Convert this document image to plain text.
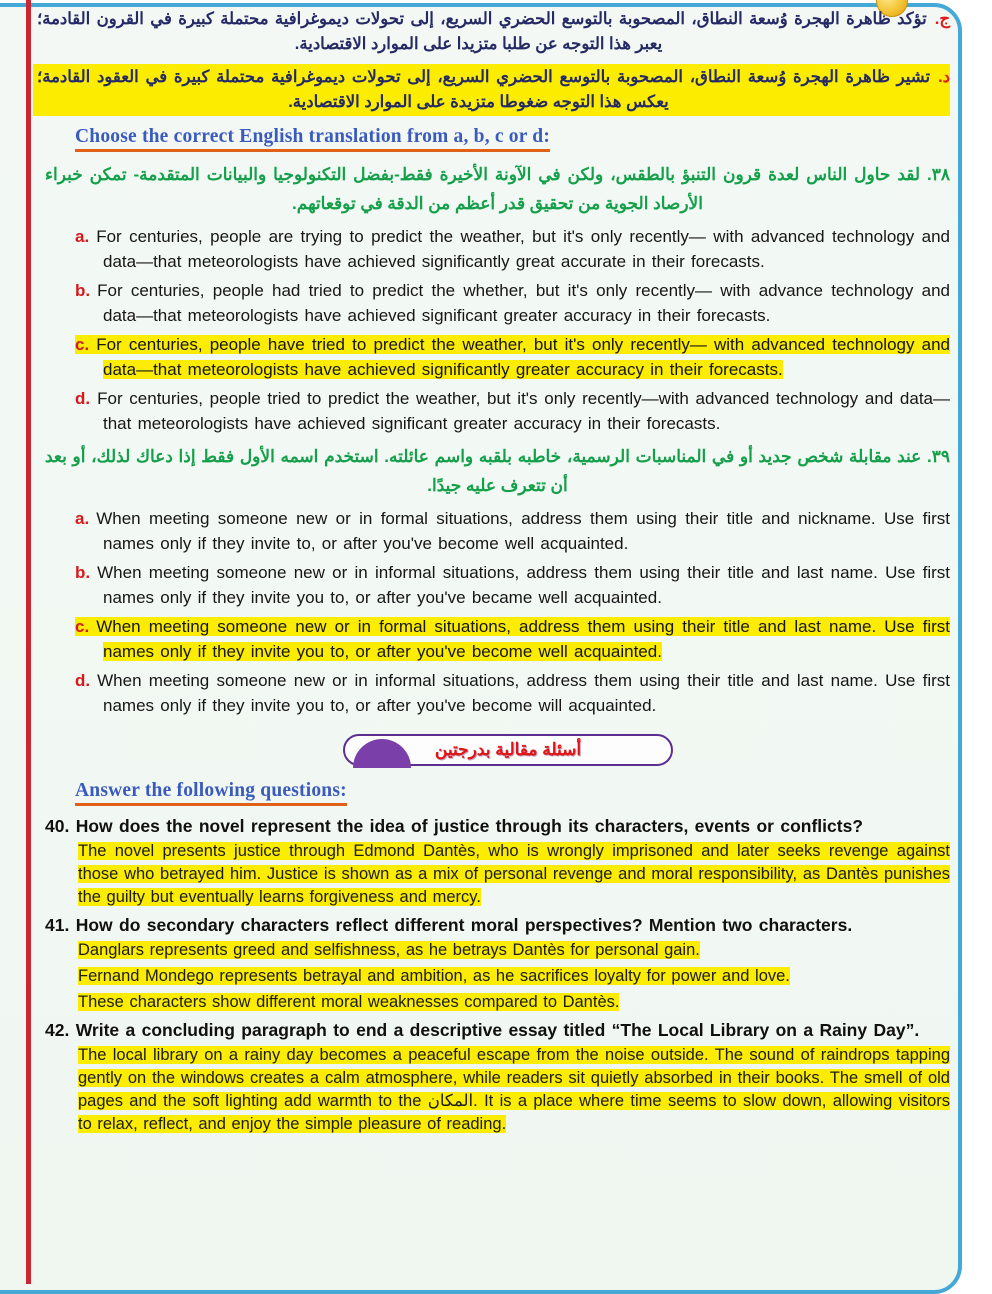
ج.تؤكد ظاهرة الهجرة وُسعة النطاق، المصحوبة بالتوسع الحضري السريع، إلى تحولات ديموغرافية محتملة كبيرة في القرون القادمة؛ يعبر هذا التوجه عن طلبا متزيدا على الموارد الاقتصادية.

د.تشير ظاهرة الهجرة وُسعة النطاق، المصحوبة بالتوسع الحضري السريع، إلى تحولات ديموغرافية محتملة كبيرة في العقود القادمة؛ يعكس هذا التوجه ضغوطا متزيدة على الموارد الاقتصادية.

Choose the correct English translation from a, b, c or d:

٣٨. لقد حاول الناس لعدة قرون التنبؤ بالطقس، ولكن في الآونة الأخيرة فقط-بفضل التكنولوجيا والبيانات المتقدمة- تمكن خبراء الأرصاد الجوية من تحقيق قدر أعظم من الدقة في توقعاتهم.

a. For centuries, people are trying to predict the weather, but it's only recently— with advanced technology and data—that meteorologists have achieved significantly great accurate in their forecasts.

b. For centuries, people had tried to predict the whether, but it's only recently— with advance technology and data—that meteorologists have achieved significant greater accuracy in their forecasts.

c. For centuries, people have tried to predict the weather, but it's only recently— with advanced technology and data—that meteorologists have achieved significantly greater accuracy in their forecasts.

d. For centuries, people tried to predict the weather, but it's only recently—with advanced technology and data—that meteorologists have achieved significant greater accuracy in their forecasts.

٣٩. عند مقابلة شخص جديد أو في المناسبات الرسمية، خاطبه بلقبه واسم عائلته. استخدم اسمه الأول فقط إذا دعاك لذلك، أو بعد أن تتعرف عليه جيدًا.

a. When meeting someone new or in formal situations, address them using their title and nickname. Use first names only if they invite to, or after you've become well acquainted.

b. When meeting someone new or in informal situations, address them using their title and last name. Use first names only if they invite you to, or after you've became well acquainted.

c. When meeting someone new or in formal situations, address them using their title and last name. Use first names only if they invite you to, or after you've become well acquainted.

d. When meeting someone new or in informal situations, address them using their title and last name. Use first names only if they invite you to, or after you've become will acquainted.

أسئلة مقالية بدرجتين
Answer the following questions:

40. How does the novel represent the idea of justice through its characters, events or conflicts?

The novel presents justice through Edmond Dantès, who is wrongly imprisoned and later seeks revenge against those who betrayed him. Justice is shown as a mix of personal revenge and moral responsibility, as Dantès punishes the guilty but eventually learns forgiveness and mercy.

41. How do secondary characters reflect different moral perspectives? Mention two characters.

Danglars represents greed and selfishness, as he betrays Dantès for personal gain.

Fernand Mondego represents betrayal and ambition, as he sacrifices loyalty for power and love.

These characters show different moral weaknesses compared to Dantès.

42. Write a concluding paragraph to end a descriptive essay titled “The Local Library on a Rainy Day”.

The local library on a rainy day becomes a peaceful escape from the noise outside. The sound of raindrops tapping gently on the windows creates a calm atmosphere, while readers sit quietly absorbed in their books. The smell of old pages and the soft lighting add warmth to the المكان. It is a place where time seems to slow down, allowing visitors to relax, reflect, and enjoy the simple pleasure of reading.
